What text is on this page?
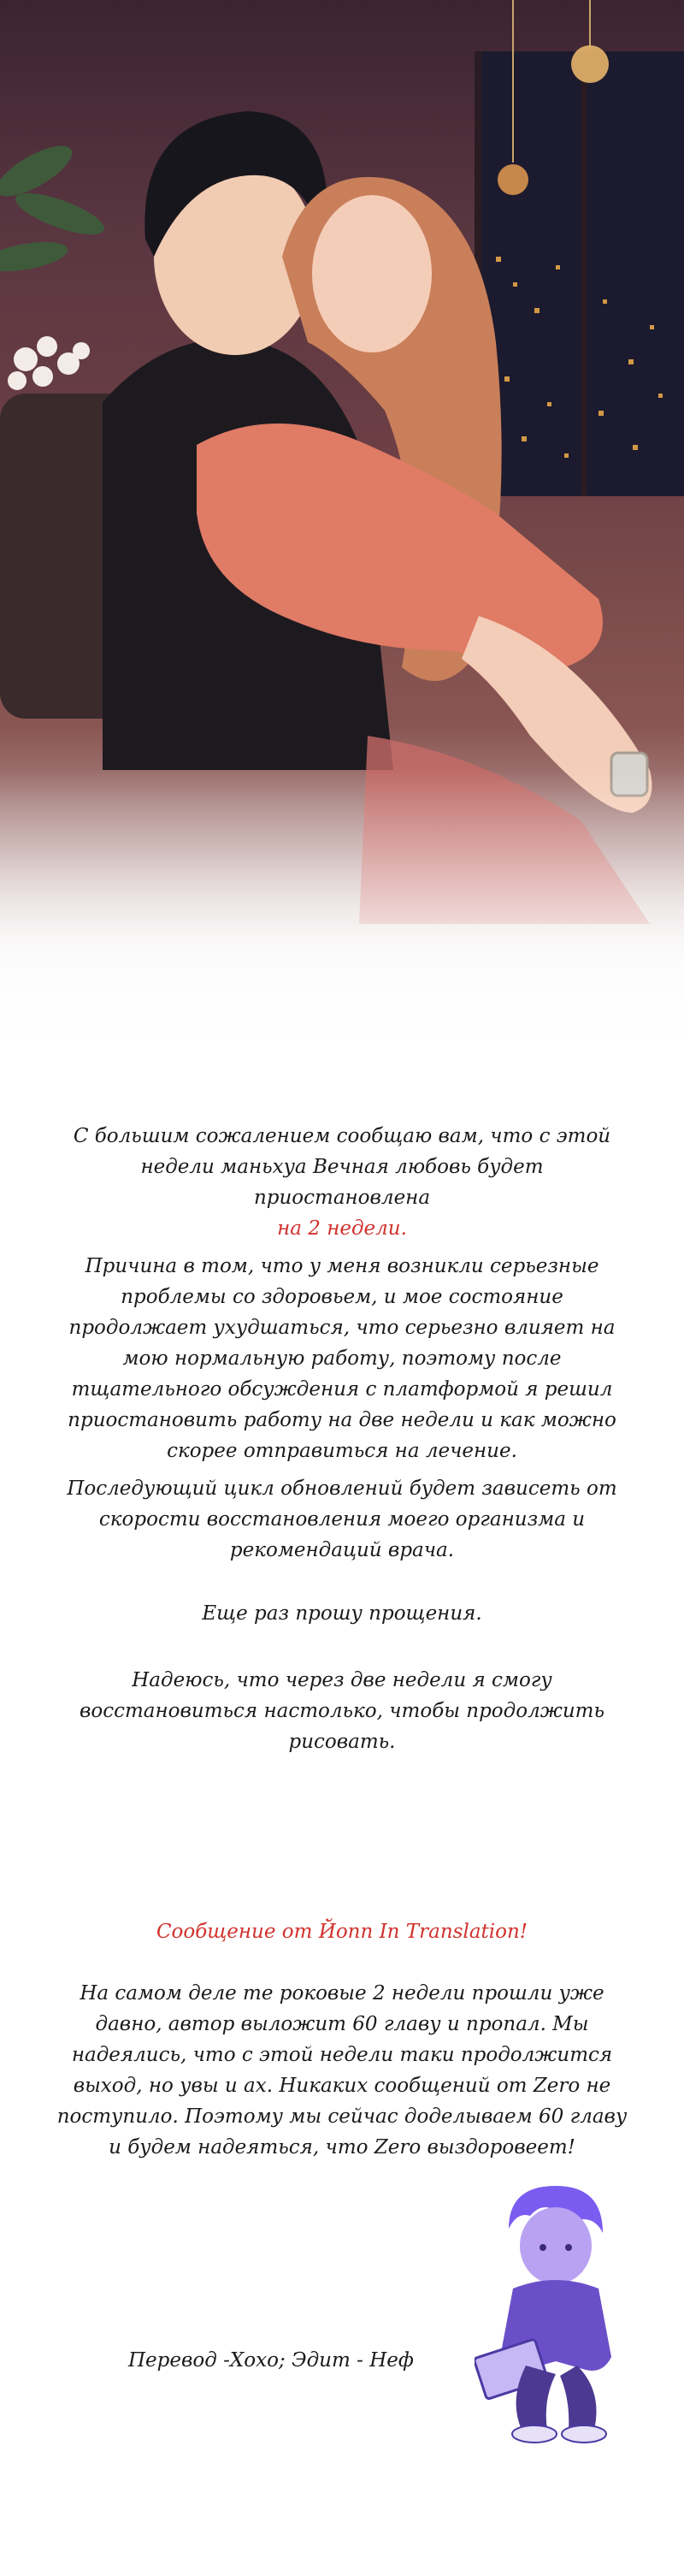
С большим сожалением сообщаю вам, что с этой недели маньхуа Вечная любовь будет приостановлена
на 2 недели.

Причина в том, что у меня возникли серьезные проблемы со здоровьем, и мое состояние продолжает ухудшаться, что серьезно влияет на мою нормальную работу, поэтому после тщательного обсуждения с платформой я решил приостановить работу на две недели и как можно скорее отправиться на лечение.

Последующий цикл обновлений будет зависеть от скорости восстановления моего организма и рекомендаций врача.

Еще раз прошу прощения.

Надеюсь, что через две недели я смогу восстановиться настолько, чтобы продолжить рисовать.

Сообщение от Йопп In Translation!

На самом деле те роковые 2 недели прошли уже давно, автор выложит 60 главу и пропал. Мы надеялись, что с этой недели таки продолжится выход, но увы и ах. Никаких сообщений от Zero не поступило. Поэтому мы сейчас доделываем 60 главу и будем надеяться, что Zero выздоровеет!

Перевод -Хохо; Эдит - Неф
